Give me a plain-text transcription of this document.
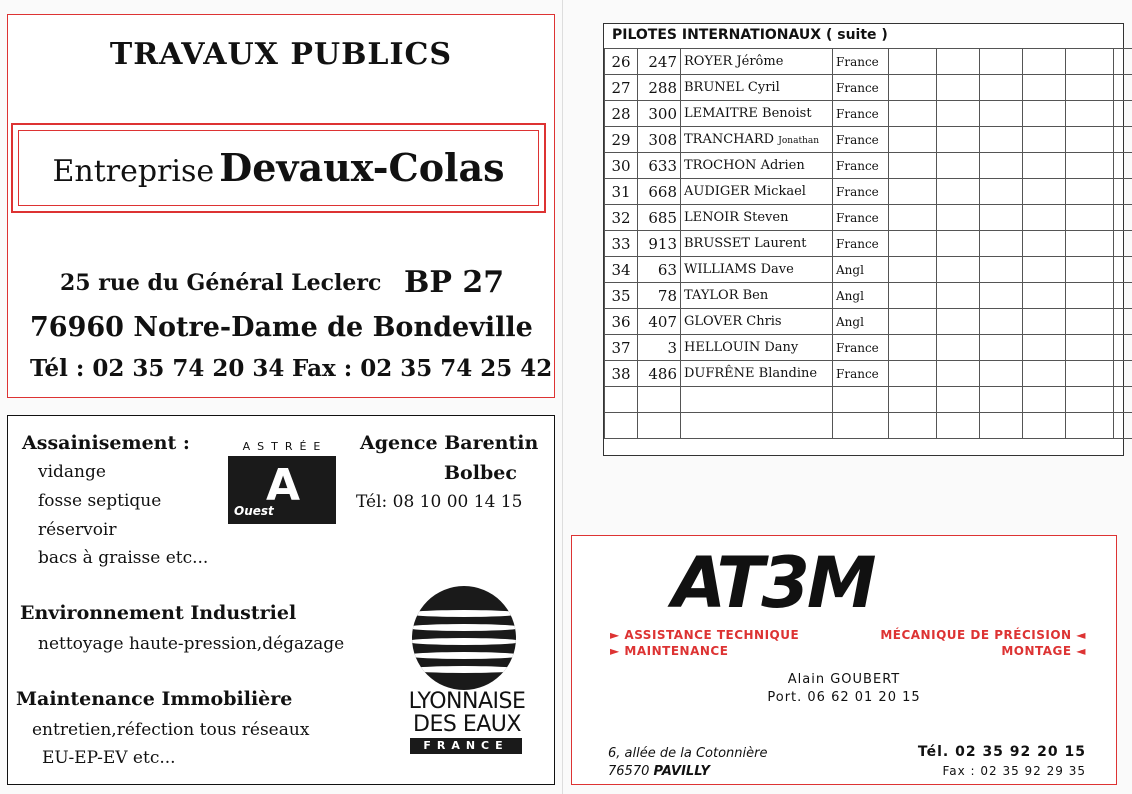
TRAVAUX PUBLICS
Entreprise Devaux-Colas
25 rue du Général Leclerc BP 27
76960 Notre-Dame de Bondeville
Tél : 02 35 74 20 34 Fax : 02 35 74 25 42
Assainisement :
vidange
fosse septique
réservoir
bacs à graisse etc...
ASTRÉE
A
Ouest
Agence Barentin
Bolbec
Tél: 08 10 00 14 15
Environnement Industriel
nettoyage haute-pression,dégazage
Maintenance Immobilière
entretien,réfection tous réseaux
EU-EP-EV etc...
LYONNAISE
DES EAUX
FRANCE
PILOTES INTERNATIONAUX ( suite )
26	247	ROYER Jérôme	France						
27	288	BRUNEL Cyril	France						
28	300	LEMAITRE Benoist	France						
29	308	TRANCHARD Jonathan	France						
30	633	TROCHON Adrien	France						
31	668	AUDIGER Mickael	France						
32	685	LENOIR Steven	France						
33	913	BRUSSET Laurent	France						
34	63	WILLIAMS Dave	Angl						
35	78	TAYLOR Ben	Angl						
36	407	GLOVER Chris	Angl						
37	3	HELLOUIN Dany	France						
38	486	DUFRÊNE Blandine	France						

AT3M
► ASSISTANCE TECHNIQUE
► MAINTENANCE
MÉCANIQUE DE PRÉCISION ◄
MONTAGE ◄
Alain GOUBERT
Port. 06 62 01 20 15
6, allée de la Cotonnière
76570 PAVILLY
Tél. 02 35 92 20 15
Fax : 02 35 92 29 35
